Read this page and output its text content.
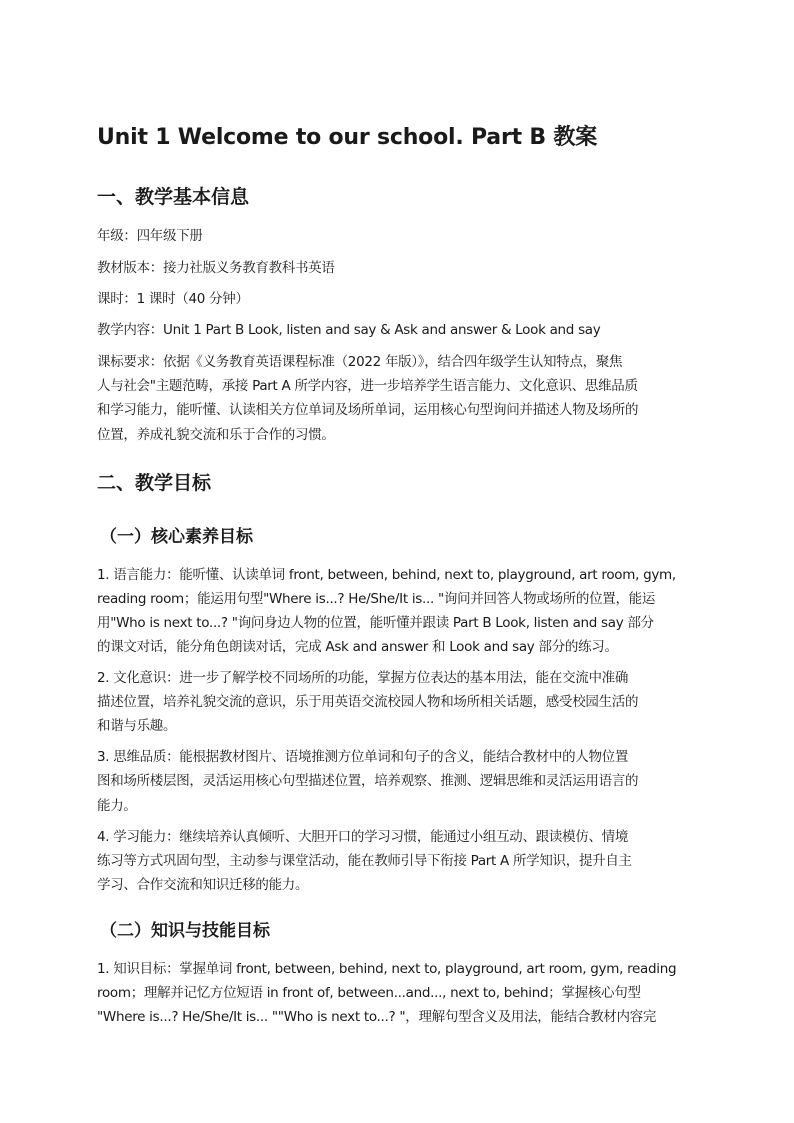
Unit 1 Welcome to our school. Part B 教案
一、教学基本信息
年级：四年级下册
教材版本：接力社版义务教育教科书英语
课时：1 课时（40 分钟）
教学内容：Unit 1 Part B Look, listen and say & Ask and answer & Look and say
课标要求：依据《义务教育英语课程标准（2022 年版）》，结合四年级学生认知特点，聚焦
人与社会"主题范畴，承接 Part A 所学内容，进一步培养学生语言能力、文化意识、思维品质
和学习能力，能听懂、认读相关方位单词及场所单词，运用核心句型询问并描述人物及场所的
位置，养成礼貌交流和乐于合作的习惯。
二、教学目标
（一）核心素养目标
1. 语言能力：能听懂、认读单词 front, between, behind, next to, playground, art room, gym,
reading room；能运用句型"Where is...? He/She/It is... "询问并回答人物或场所的位置，能运
用"Who is next to...? "询问身边人物的位置，能听懂并跟读 Part B Look, listen and say 部分
的课文对话，能分角色朗读对话，完成 Ask and answer 和 Look and say 部分的练习。
2. 文化意识：进一步了解学校不同场所的功能，掌握方位表达的基本用法，能在交流中准确
描述位置，培养礼貌交流的意识，乐于用英语交流校园人物和场所相关话题，感受校园生活的
和谐与乐趣。
3. 思维品质：能根据教材图片、语境推测方位单词和句子的含义，能结合教材中的人物位置
图和场所楼层图，灵活运用核心句型描述位置，培养观察、推测、逻辑思维和灵活运用语言的
能力。
4. 学习能力：继续培养认真倾听、大胆开口的学习习惯，能通过小组互动、跟读模仿、情境
练习等方式巩固句型，主动参与课堂活动，能在教师引导下衔接 Part A 所学知识，提升自主
学习、合作交流和知识迁移的能力。
（二）知识与技能目标
1. 知识目标：掌握单词 front, between, behind, next to, playground, art room, gym, reading
room；理解并记忆方位短语 in front of, between...and..., next to, behind；掌握核心句型
"Where is...? He/She/It is... ""Who is next to...? "，理解句型含义及用法，能结合教材内容完
